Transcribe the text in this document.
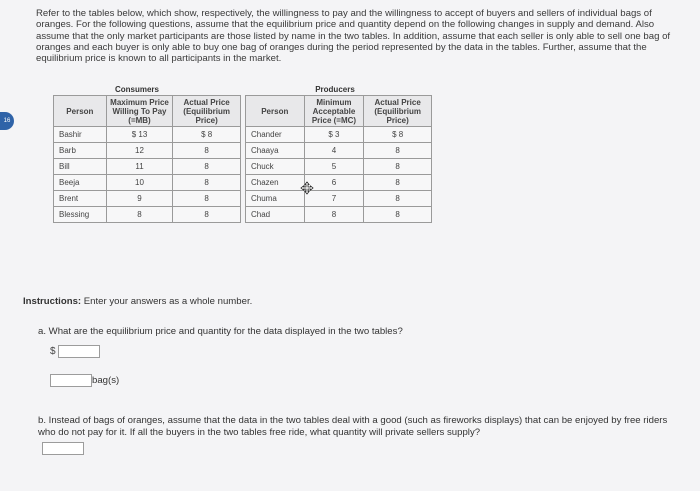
16

Refer to the tables below, which show, respectively, the willingness to pay and the willingness to accept of buyers and sellers of individual bags of oranges. For the following questions, assume that the equilibrium price and quantity depend on the following changes in supply and demand. Also assume that the only market participants are those listed by name in the two tables. In addition, assume that each seller is only able to sell one bag of oranges and each buyer is only able to buy one bag of oranges during the period represented by the data in the tables. Further, assume that the equilibrium price is known to all participants in the market.

Consumers
Person	Maximum Price Willing To Pay (=MB)	Actual Price (Equilibrium Price)
Bashir	$ 13	$ 8
Barb	12	8
Bill	11	8
Beeja	10	8
Brent	9	8
Blessing	8	8
Producers
Person	Minimum Acceptable Price (=MC)	Actual Price (Equilibrium Price)
Chander	$ 3	$ 8
Chaaya	4	8
Chuck	5	8
Chazen	6	8
Chuma	7	8
Chad	8	8
Instructions: Enter your answers as a whole number.
a. What are the equilibrium price and quantity for the data displayed in the two tables?
$
bag(s)
b. Instead of bags of oranges, assume that the data in the two tables deal with a good (such as fireworks displays) that can be enjoyed by free riders who do not pay for it. If all the buyers in the two tables free ride, what quantity will private sellers supply?
